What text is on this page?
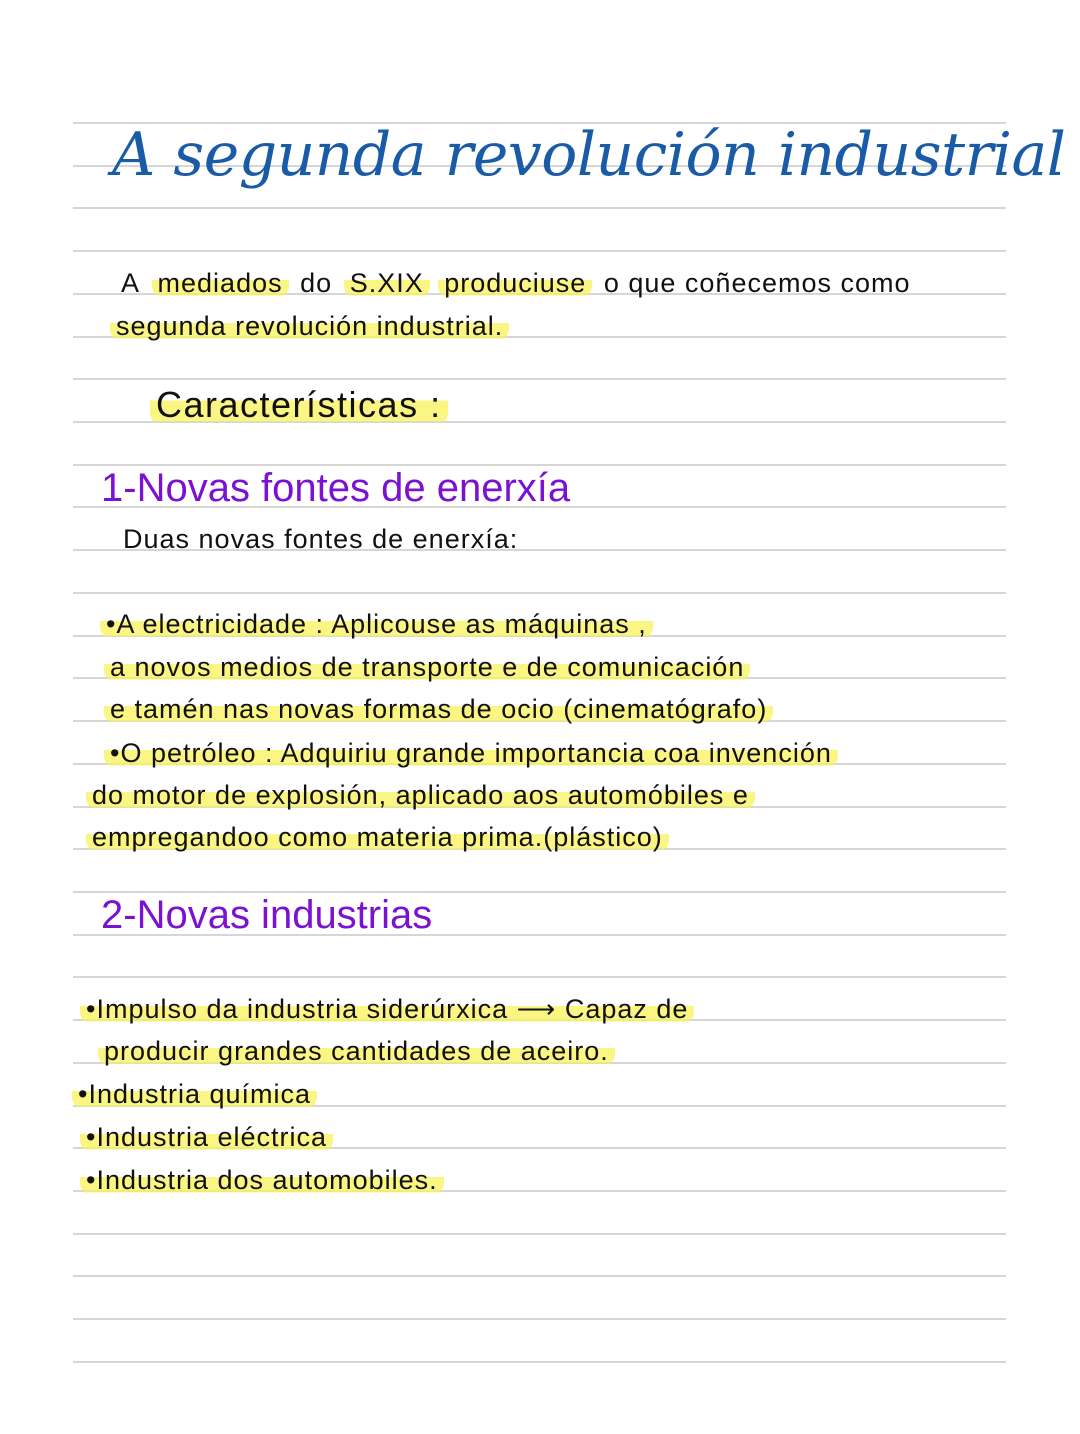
A segunda revolución industrial
A mediados do S.XIX produciuse o que coñecemos como
segunda revolución industrial.
Características :
1-Novas fontes de enerxía
Duas novas fontes de enerxía:
•A electricidade : Aplicouse as máquinas ,
a novos medios de transporte e de comunicación
e tamén nas novas formas de ocio (cinematógrafo)
•O petróleo : Adquiriu grande importancia coa invención
do motor de explosión, aplicado aos automóbiles e
empregandoo como materia prima.(plástico)
2-Novas industrias
•Impulso da industria siderúrxica ⟶ Capaz de
producir grandes cantidades de aceiro.
•Industria química
•Industria eléctrica
•Industria dos automobiles.
